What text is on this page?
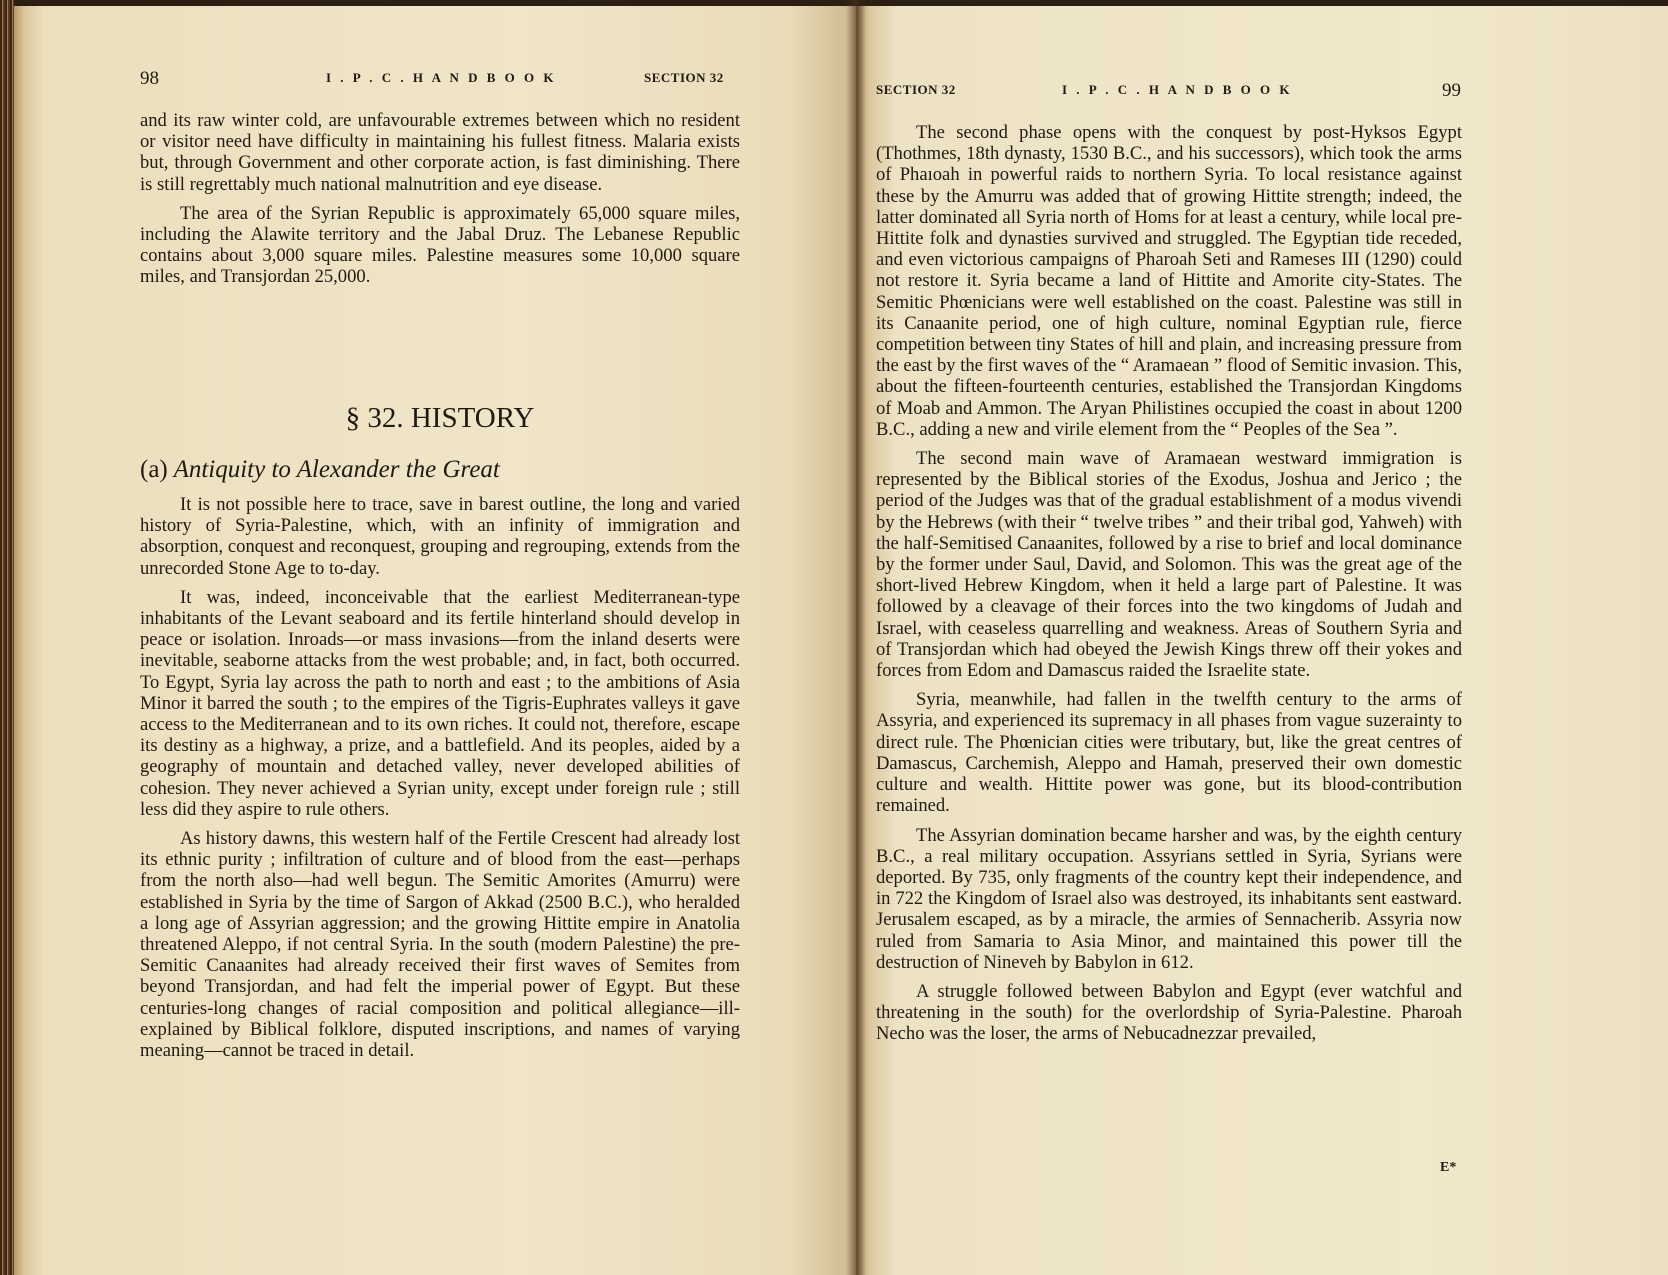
98	I . P . C . H A N D B O O K	SECTION 32

and its raw winter cold, are unfavourable extremes between which no resident or visitor need have difficulty in maintaining his fullest fitness. Malaria exists but, through Government and other corporate action, is fast diminishing. There is still regrettably much national malnutrition and eye disease.

The area of the Syrian Republic is approximately 65,000 square miles, including the Alawite territory and the Jabal Druz. The Lebanese Republic contains about 3,000 square miles. Palestine measures some 10,000 square miles, and Transjordan 25,000.

§ 32. HISTORY
(a) Antiquity to Alexander the Great

It is not possible here to trace, save in barest outline, the long and varied history of Syria-Palestine, which, with an infinity of immigration and absorption, conquest and reconquest, grouping and regrouping, extends from the unrecorded Stone Age to to-day.

It was, indeed, inconceivable that the earliest Mediterranean-type inhabitants of the Levant seaboard and its fertile hinterland should develop in peace or isolation. Inroads—or mass invasions—from the inland deserts were inevitable, seaborne attacks from the west probable; and, in fact, both occurred. To Egypt, Syria lay across the path to north and east ; to the ambitions of Asia Minor it barred the south ; to the empires of the Tigris-Euphrates valleys it gave access to the Mediterranean and to its own riches. It could not, therefore, escape its destiny as a highway, a prize, and a battlefield. And its peoples, aided by a geography of mountain and detached valley, never developed abilities of cohesion. They never achieved a Syrian unity, except under foreign rule ; still less did they aspire to rule others.

As history dawns, this western half of the Fertile Crescent had already lost its ethnic purity ; infiltration of culture and of blood from the east—perhaps from the north also—had well begun. The Semitic Amorites (Amurru) were established in Syria by the time of Sargon of Akkad (2500 B.C.), who heralded a long age of Assyrian aggression; and the growing Hittite empire in Anatolia threatened Aleppo, if not central Syria. In the south (modern Palestine) the pre-Semitic Canaanites had already received their first waves of Semites from beyond Transjordan, and had felt the imperial power of Egypt. But these centuries-long changes of racial composition and political allegiance—ill-explained by Biblical folklore, disputed inscriptions, and names of varying meaning—cannot be traced in detail.

SECTION 32	I . P . C . H A N D B O O K	99

The second phase opens with the conquest by post-Hyksos Egypt (Thothmes, 18th dynasty, 1530 B.C., and his successors), which took the arms of Phaıoah in powerful raids to northern Syria. To local resistance against these by the Amurru was added that of growing Hittite strength; indeed, the latter dominated all Syria north of Homs for at least a century, while local pre-Hittite folk and dynasties survived and struggled. The Egyptian tide receded, and even victorious campaigns of Pharoah Seti and Rameses III (1290) could not restore it. Syria became a land of Hittite and Amorite city-States. The Semitic Phœnicians were well established on the coast. Palestine was still in its Canaanite period, one of high culture, nominal Egyptian rule, fierce competition between tiny States of hill and plain, and increasing pressure from the east by the first waves of the “ Aramaean ” flood of Semitic invasion. This, about the fifteen-fourteenth centuries, established the Transjordan Kingdoms of Moab and Ammon. The Aryan Philistines occupied the coast in about 1200 B.C., adding a new and virile element from the “ Peoples of the Sea ”.

The second main wave of Aramaean westward immigration is represented by the Biblical stories of the Exodus, Joshua and Jerico ; the period of the Judges was that of the gradual establishment of a modus vivendi by the Hebrews (with their “ twelve tribes ” and their tribal god, Yahweh) with the half-Semitised Canaanites, followed by a rise to brief and local dominance by the former under Saul, David, and Solomon. This was the great age of the short-lived Hebrew Kingdom, when it held a large part of Palestine. It was followed by a cleavage of their forces into the two kingdoms of Judah and Israel, with ceaseless quarrelling and weakness. Areas of Southern Syria and of Transjordan which had obeyed the Jewish Kings threw off their yokes and forces from Edom and Damascus raided the Israelite state.

Syria, meanwhile, had fallen in the twelfth century to the arms of Assyria, and experienced its supremacy in all phases from vague suzerainty to direct rule. The Phœnician cities were tributary, but, like the great centres of Damascus, Carchemish, Aleppo and Hamah, preserved their own domestic culture and wealth. Hittite power was gone, but its blood-contribution remained.

The Assyrian domination became harsher and was, by the eighth century B.C., a real military occupation. Assyrians settled in Syria, Syrians were deported. By 735, only fragments of the country kept their independence, and in 722 the Kingdom of Israel also was destroyed, its inhabitants sent eastward. Jerusalem escaped, as by a miracle, the armies of Sennacherib. Assyria now ruled from Samaria to Asia Minor, and maintained this power till the destruction of Nineveh by Babylon in 612.

A struggle followed between Babylon and Egypt (ever watchful and threatening in the south) for the overlordship of Syria-Palestine. Pharoah Necho was the loser, the arms of Nebucadnezzar prevailed,

E*
